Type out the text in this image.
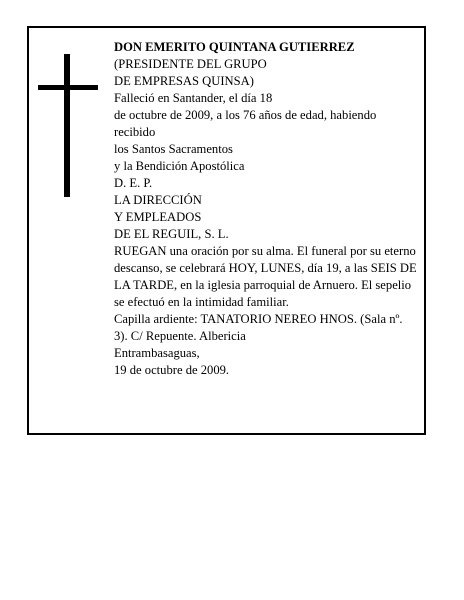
DON EMERITO QUINTANA GUTIERREZ

(PRESIDENTE DEL GRUPO

DE EMPRESAS QUINSA)

Falleció en Santander, el día 18

de octubre de 2009, a los 76 años de edad, habiendo recibido

los Santos Sacramentos

y la Bendición Apostólica

D. E. P.

LA DIRECCIÓN

Y EMPLEADOS

DE EL REGUIL, S. L.

RUEGAN una oración por su alma. El funeral por su eterno descanso, se celebrará HOY, LUNES, día 19, a las SEIS DE LA TARDE, en la iglesia parroquial de Arnuero. El sepelio se efectuó en la intimidad familiar.

Capilla ardiente: TANATORIO NEREO HNOS. (Sala nº. 3). C/ Repuente. Albericia

Entrambasaguas,

19 de octubre de 2009.
